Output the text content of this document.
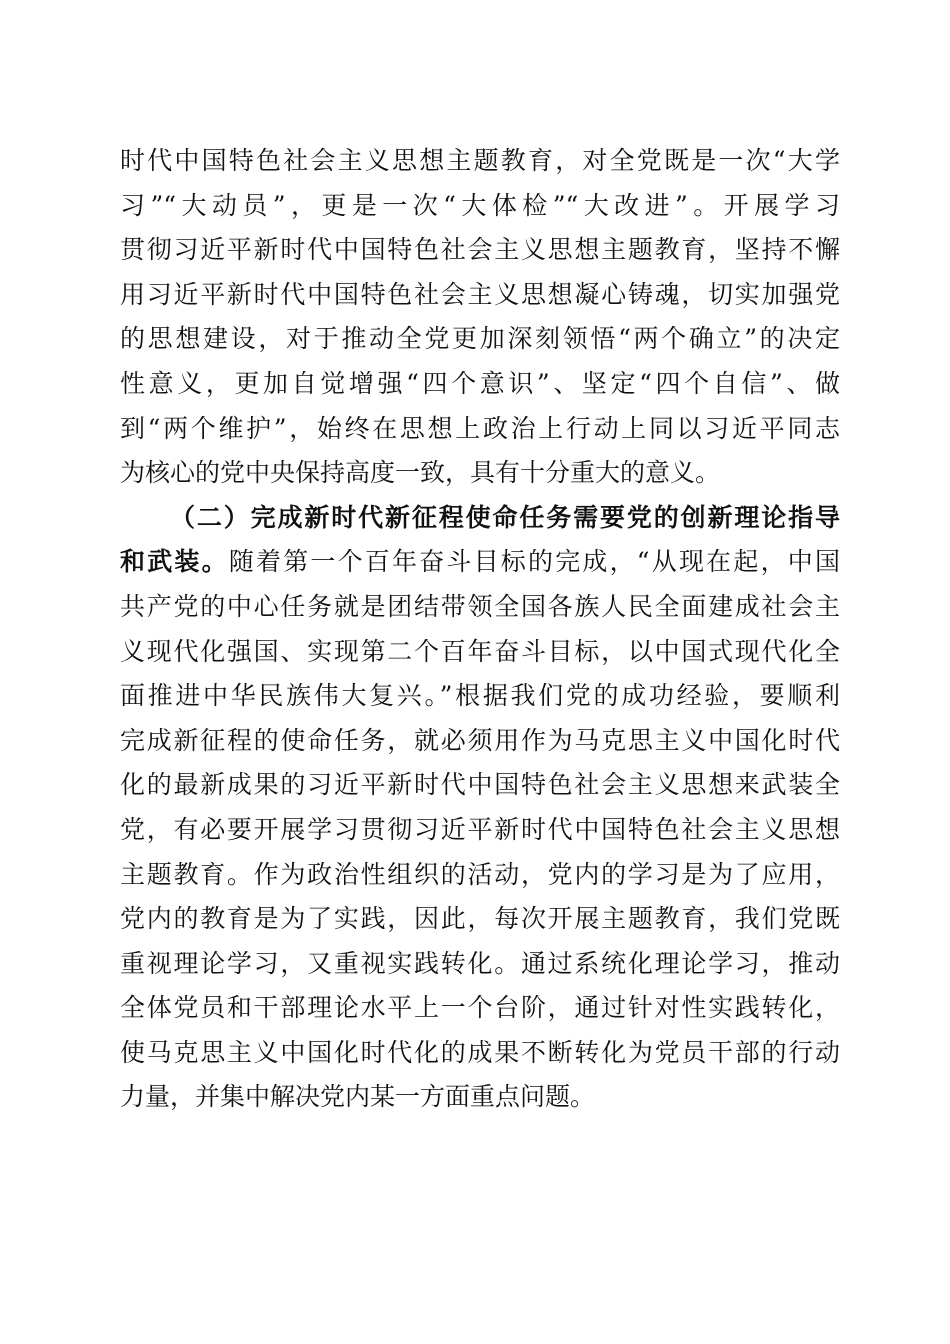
时代中国特色社会主义思想主题教育，对全党既是一次“大学
习”“大动员”，更是一次“大体检”“大改进”。开展学习
贯彻习近平新时代中国特色社会主义思想主题教育，坚持不懈
用习近平新时代中国特色社会主义思想凝心铸魂，切实加强党
的思想建设，对于推动全党更加深刻领悟“两个确立”的决定
性意义，更加自觉增强“四个意识”、坚定“四个自信”、做
到“两个维护”，始终在思想上政治上行动上同以习近平同志
为核心的党中央保持高度一致，具有十分重大的意义。
（二）完成新时代新征程使命任务需要党的创新理论指导
和武装。随着第一个百年奋斗目标的完成，“从现在起，中国
共产党的中心任务就是团结带领全国各族人民全面建成社会主
义现代化强国、实现第二个百年奋斗目标，以中国式现代化全
面推进中华民族伟大复兴。”根据我们党的成功经验，要顺利
完成新征程的使命任务，就必须用作为马克思主义中国化时代
化的最新成果的习近平新时代中国特色社会主义思想来武装全
党，有必要开展学习贯彻习近平新时代中国特色社会主义思想
主题教育。作为政治性组织的活动，党内的学习是为了应用，
党内的教育是为了实践，因此，每次开展主题教育，我们党既
重视理论学习，又重视实践转化。通过系统化理论学习，推动
全体党员和干部理论水平上一个台阶，通过针对性实践转化，
使马克思主义中国化时代化的成果不断转化为党员干部的行动
力量，并集中解决党内某一方面重点问题。
